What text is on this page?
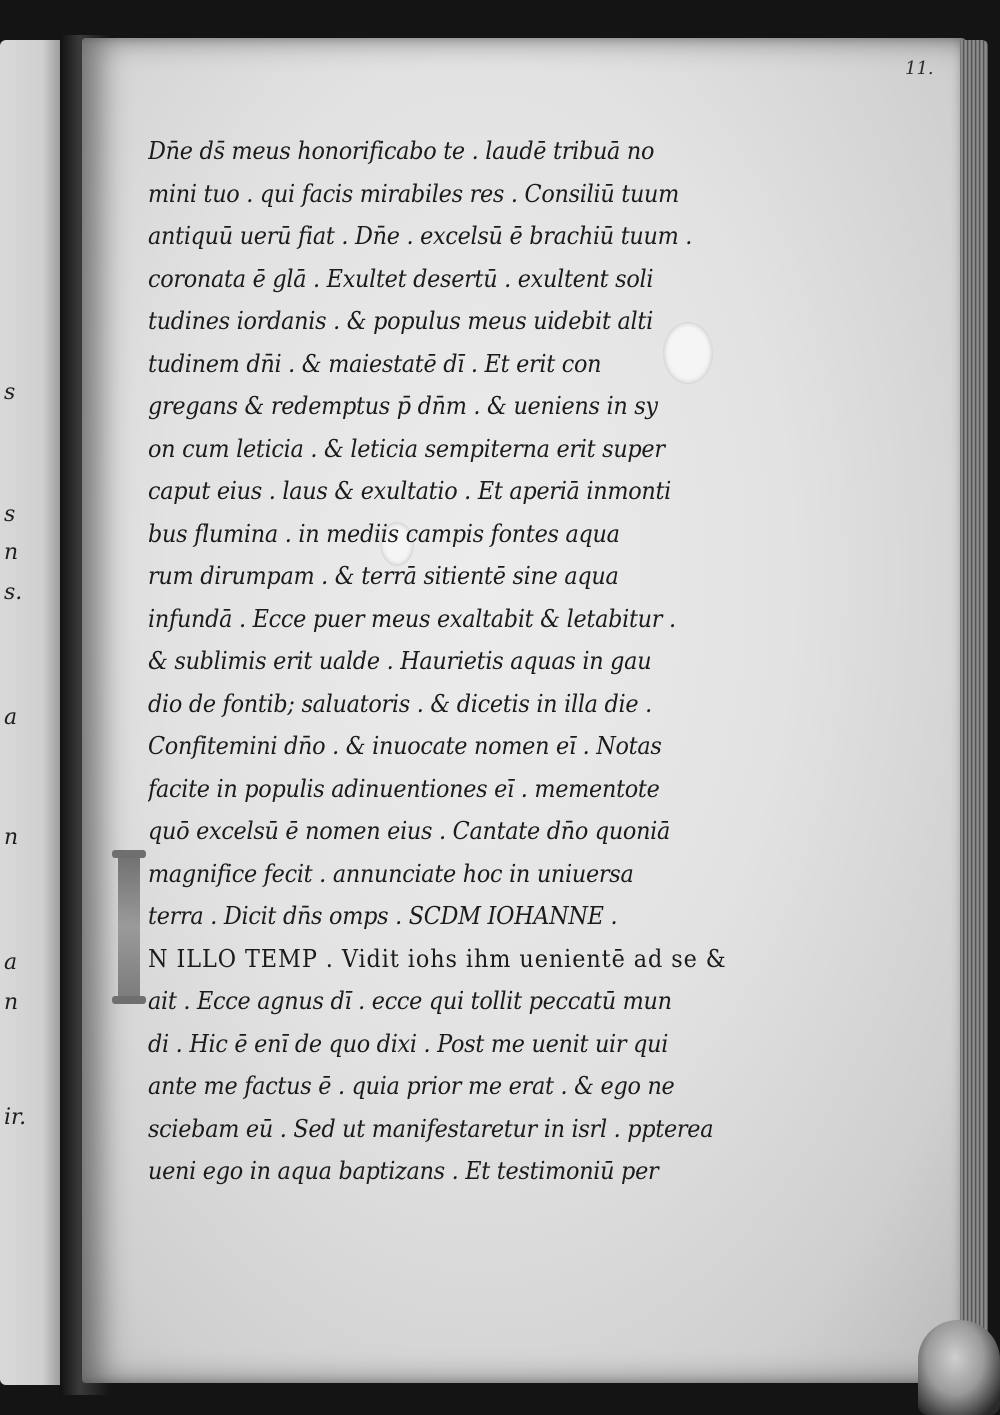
s
s
n
s.
a
n
a
n
ir.
11.
Dn̄e ds̄ meus honorificabo te . laudē tribuā no
mini tuo . qui facis mirabiles res . Consiliū tuum
antiquū uerū fiat . Dn̄e . excelsū ē brachiū tuum .
coronata ē glā . Exultet desertū . exultent soli
tudines iordanis . & populus meus uidebit alti
tudinem dn̄i . & maiestatē dī . Et erit con
gregans & redemptus p̄ dn̄m . & ueniens in sy
on cum leticia . & leticia sempiterna erit super
caput eius . laus & exultatio . Et aperiā inmonti
bus flumina . in mediis campis fontes aqua
rum dirumpam . & terrā sitientē sine aqua
infundā . Ecce puer meus exaltabit & letabitur .
& sublimis erit ualde . Haurietis aquas in gau
dio de fontib; saluatoris . & dicetis in illa die .
Confitemini dn̄o . & inuocate nomen eī . Notas
facite in populis adinuentiones eī . mementote
quō excelsū ē nomen eius . Cantate dn̄o quoniā
magnifice fecit . annunciate hoc in uniuersa
terra . Dicit dn̄s omps . SCDM IOHANNE .
N ILLO TEMP . Vidit iohs ihm uenientē ad se &
ait . Ecce agnus dī . ecce qui tollit peccatū mun
di . Hic ē enī de quo dixi . Post me uenit uir qui
ante me factus ē . quia prior me erat . & ego ne
sciebam eū . Sed ut manifestaretur in isrl . ppterea
ueni ego in aqua baptizans . Et testimoniū per
